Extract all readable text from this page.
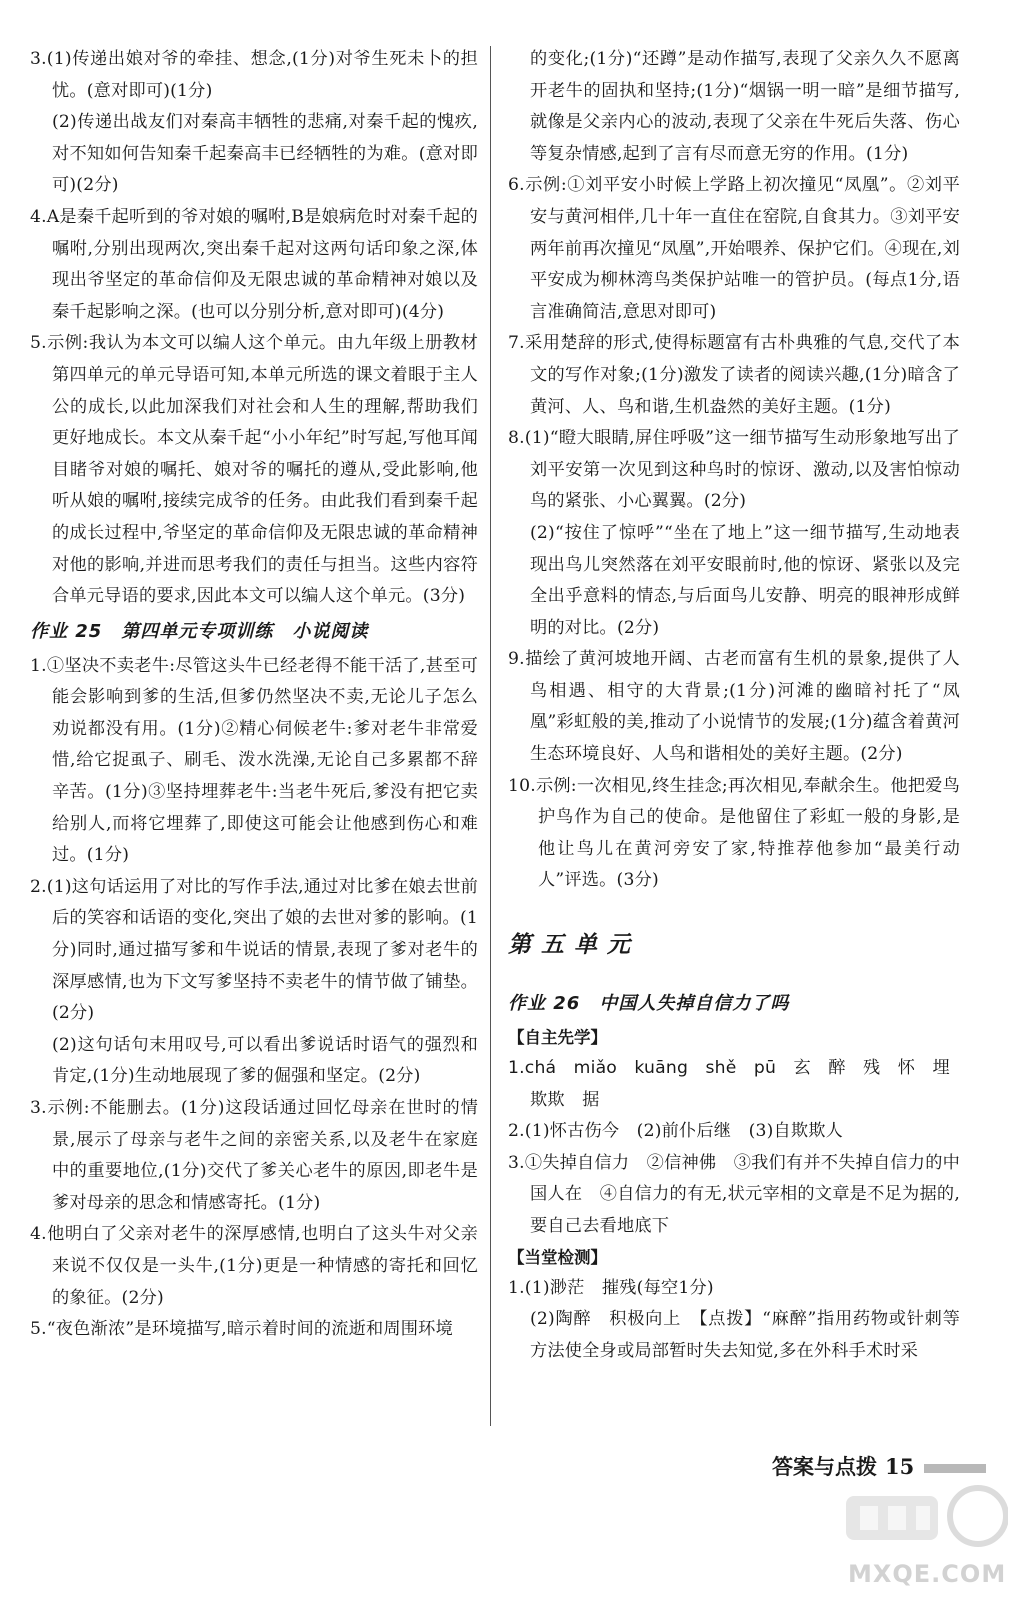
3.(1)传递出娘对爷的牵挂、想念,(1分)对爷生死未卜的担忧。(意对即可)(1分)

(2)传递出战友们对秦高丰牺牲的悲痛,对秦千起的愧疚,对不知如何告知秦千起秦高丰已经牺牲的为难。(意对即可)(2分)

4.A是秦千起听到的爷对娘的嘱咐,B是娘病危时对秦千起的嘱咐,分别出现两次,突出秦千起对这两句话印象之深,体现出爷坚定的革命信仰及无限忠诚的革命精神对娘以及秦千起影响之深。(也可以分别分析,意对即可)(4分)

5.示例:我认为本文可以编人这个单元。由九年级上册教材第四单元的单元导语可知,本单元所选的课文着眼于主人公的成长,以此加深我们对社会和人生的理解,帮助我们更好地成长。本文从秦千起“小小年纪”时写起,写他耳闻目睹爷对娘的嘱托、娘对爷的嘱托的遵从,受此影响,他听从娘的嘱咐,接续完成爷的任务。由此我们看到秦千起的成长过程中,爷坚定的革命信仰及无限忠诚的革命精神对他的影响,并进而思考我们的责任与担当。这些内容符合单元导语的要求,因此本文可以编人这个单元。(3分)

作业 25　第四单元专项训练　小说阅读

1.①坚决不卖老牛:尽管这头牛已经老得不能干活了,甚至可能会影响到爹的生活,但爹仍然坚决不卖,无论儿子怎么劝说都没有用。(1分)②精心伺候老牛:爹对老牛非常爱惜,给它捉虱子、刷毛、泼水洗澡,无论自己多累都不辞辛苦。(1分)③坚持埋葬老牛:当老牛死后,爹没有把它卖给别人,而将它埋葬了,即使这可能会让他感到伤心和难过。(1分)

2.(1)这句话运用了对比的写作手法,通过对比爹在娘去世前后的笑容和话语的变化,突出了娘的去世对爹的影响。(1分)同时,通过描写爹和牛说话的情景,表现了爹对老牛的深厚感情,也为下文写爹坚持不卖老牛的情节做了铺垫。(2分)

(2)这句话句末用叹号,可以看出爹说话时语气的强烈和肯定,(1分)生动地展现了爹的倔强和坚定。(2分)

3.示例:不能删去。(1分)这段话通过回忆母亲在世时的情景,展示了母亲与老牛之间的亲密关系,以及老牛在家庭中的重要地位,(1分)交代了爹关心老牛的原因,即老牛是爹对母亲的思念和情感寄托。(1分)

4.他明白了父亲对老牛的深厚感情,也明白了这头牛对父亲来说不仅仅是一头牛,(1分)更是一种情感的寄托和回忆的象征。(2分)

5.“夜色渐浓”是环境描写,暗示着时间的流逝和周围环境

的变化;(1分)“还蹲”是动作描写,表现了父亲久久不愿离开老牛的固执和坚持;(1分)“烟锅一明一暗”是细节描写,就像是父亲内心的波动,表现了父亲在牛死后失落、伤心等复杂情感,起到了言有尽而意无穷的作用。(1分)

6.示例:①刘平安小时候上学路上初次撞见“凤凰”。②刘平安与黄河相伴,几十年一直住在窑院,自食其力。③刘平安两年前再次撞见“凤凰”,开始喂养、保护它们。④现在,刘平安成为柳林湾鸟类保护站唯一的管护员。(每点1分,语言准确简洁,意思对即可)

7.采用楚辞的形式,使得标题富有古朴典雅的气息,交代了本文的写作对象;(1分)激发了读者的阅读兴趣,(1分)暗含了黄河、人、鸟和谐,生机盎然的美好主题。(1分)

8.(1)“瞪大眼睛,屏住呼吸”这一细节描写生动形象地写出了刘平安第一次见到这种鸟时的惊讶、激动,以及害怕惊动鸟的紧张、小心翼翼。(2分)

(2)“按住了惊呼”“坐在了地上”这一细节描写,生动地表现出鸟儿突然落在刘平安眼前时,他的惊讶、紧张以及完全出乎意料的情态,与后面鸟儿安静、明亮的眼神形成鲜明的对比。(2分)

9.描绘了黄河坡地开阔、古老而富有生机的景象,提供了人鸟相遇、相守的大背景;(1分)河滩的幽暗衬托了“凤凰”彩虹般的美,推动了小说情节的发展;(1分)蕴含着黄河生态环境良好、人鸟和谐相处的美好主题。(2分)

10.示例:一次相见,终生挂念;再次相见,奉献余生。他把爱鸟护鸟作为自己的使命。是他留住了彩虹一般的身影,是他让鸟儿在黄河旁安了家,特推荐他参加“最美行动人”评选。(3分)

第五单元
作业 26　中国人失掉自信力了吗
【自主先学】

1.chá　miǎo　kuāng　shě　pū　玄　醉　残　怀　埋

欺欺　据

2.(1)怀古伤今　(2)前仆后继　(3)自欺欺人

3.①失掉自信力　②信神佛　③我们有并不失掉自信力的中国人在　④自信力的有无,状元宰相的文章是不足为据的,要自己去看地底下

【当堂检测】

1.(1)渺茫　摧残(每空1分)

(2)陶醉　积极向上　【点拨】“麻醉”指用药物或针刺等方法使全身或局部暂时失去知觉,多在外科手术时采

答案与点拨 15
MXQE.COM
